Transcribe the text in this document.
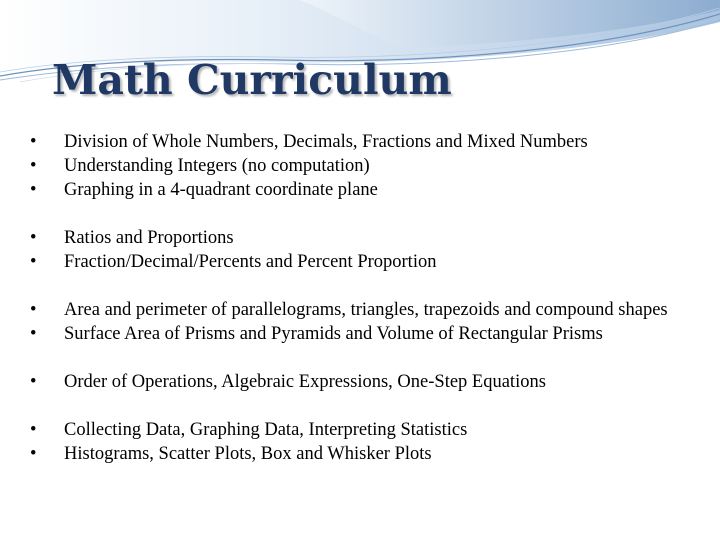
Math Curriculum
•	Division of Whole Numbers, Decimals, Fractions and Mixed Numbers
•	Understanding Integers (no computation)
•	Graphing in a 4-quadrant coordinate plane
•	Ratios and Proportions
•	Fraction/Decimal/Percents and Percent Proportion
•	Area and perimeter of parallelograms, triangles, trapezoids and compound shapes
•	Surface Area of Prisms and Pyramids and Volume of Rectangular Prisms
•	Order of Operations, Algebraic Expressions, One-Step Equations
•	Collecting Data, Graphing Data, Interpreting Statistics
•	Histograms, Scatter Plots, Box and Whisker Plots
